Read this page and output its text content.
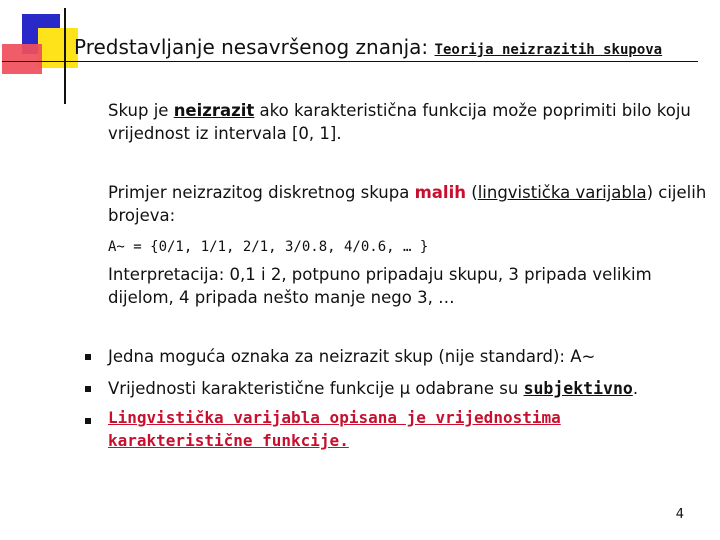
Predstavljanje nesavršenog znanja: Teorija neizrazitih skupova

Skup je neizrazit ako karakteristična funkcija može poprimiti bilo koju vrijednost iz intervala [0, 1].

Primjer neizrazitog diskretnog skupa malih (lingvistička varijabla) cijelih brojeva:

A~ = {0/1, 1/1, 2/1, 3/0.8, 4/0.6, … }

Interpretacija: 0,1 i 2, potpuno pripadaju skupu, 3 pripada velikim dijelom, 4 pripada nešto manje nego 3, …

Jedna moguća oznaka za neizrazit skup (nije standard): A~

Vrijednosti karakteristične funkcije µ odabrane su subjektivno.

Lingvistička varijabla opisana je vrijednostima karakteristične funkcije.

4
